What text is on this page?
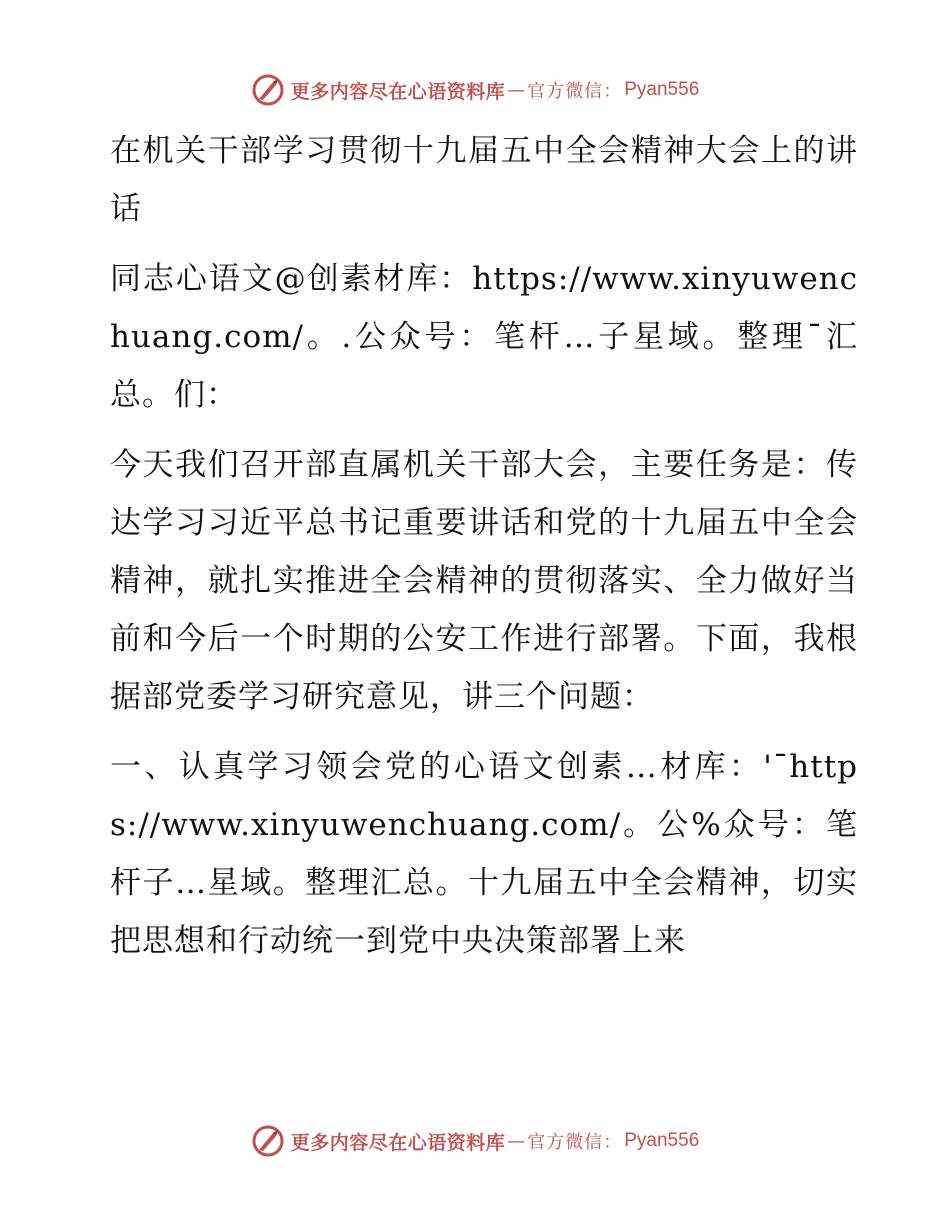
更多内容尽在心语资料库 — 官方微信： Pyan556

在机关干部学习贯彻十九届五中全会精神大会上的讲话

同志心语文@创素材库：https://www.xinyuwenchuang.com/。.公众号：笔杆…子星域。整理¯汇总。们：

今天我们召开部直属机关干部大会，主要任务是：传达学习习近平总书记重要讲话和党的十九届五中全会精神，就扎实推进全会精神的贯彻落实、全力做好当前和今后一个时期的公安工作进行部署。下面，我根据部党委学习研究意见，讲三个问题：

一、认真学习领会党的心语文创素…材库：'¯https://www.xinyuwenchuang.com/。公%众号：笔杆子…星域。整理汇总。十九届五中全会精神，切实把思想和行动统一到党中央决策部署上来

更多内容尽在心语资料库 — 官方微信： Pyan556
